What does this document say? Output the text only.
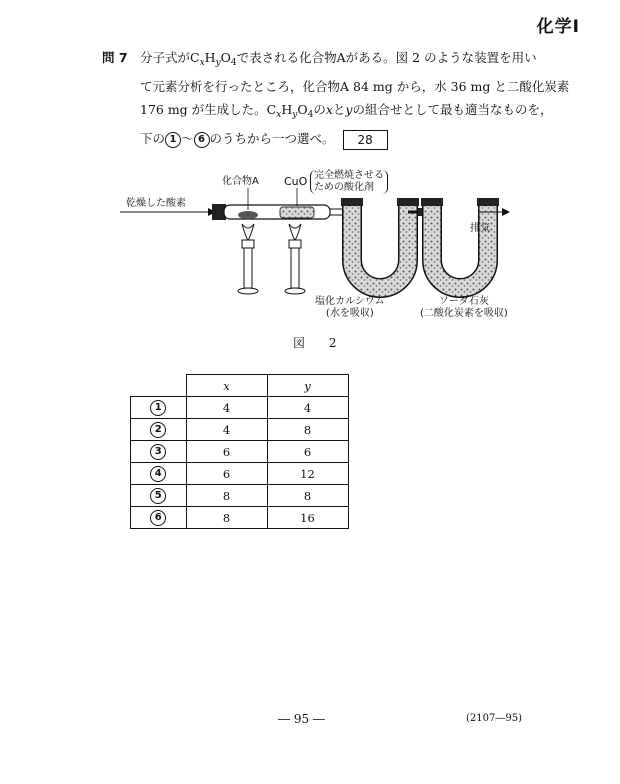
化学Ⅰ
問 7 分子式が$C_xH_yO_4$で表される化合物Aがある。図 2 のような装置を用い
て元素分析を行ったところ，化合物A 84 mg から，水 36 mg と二酸化炭素
176 mg が生成した。$C_xH_yO_4$のxとyの組合せとして最も適当なものを，
下の 1 ～ 6 のうちから一つ選べ。 28
乾燥した酸素
化合物A CuO 完全燃焼させる
ための酸化剤
排気
塩化カルシウム
(水を吸収)
ソーダ石灰
(二酸化炭素を吸収)
図 2
	x	y
1	4	4
2	4	8
3	6	6
4	6	12
5	8	8
6	8	16
― 95 ―	(2107―95)
